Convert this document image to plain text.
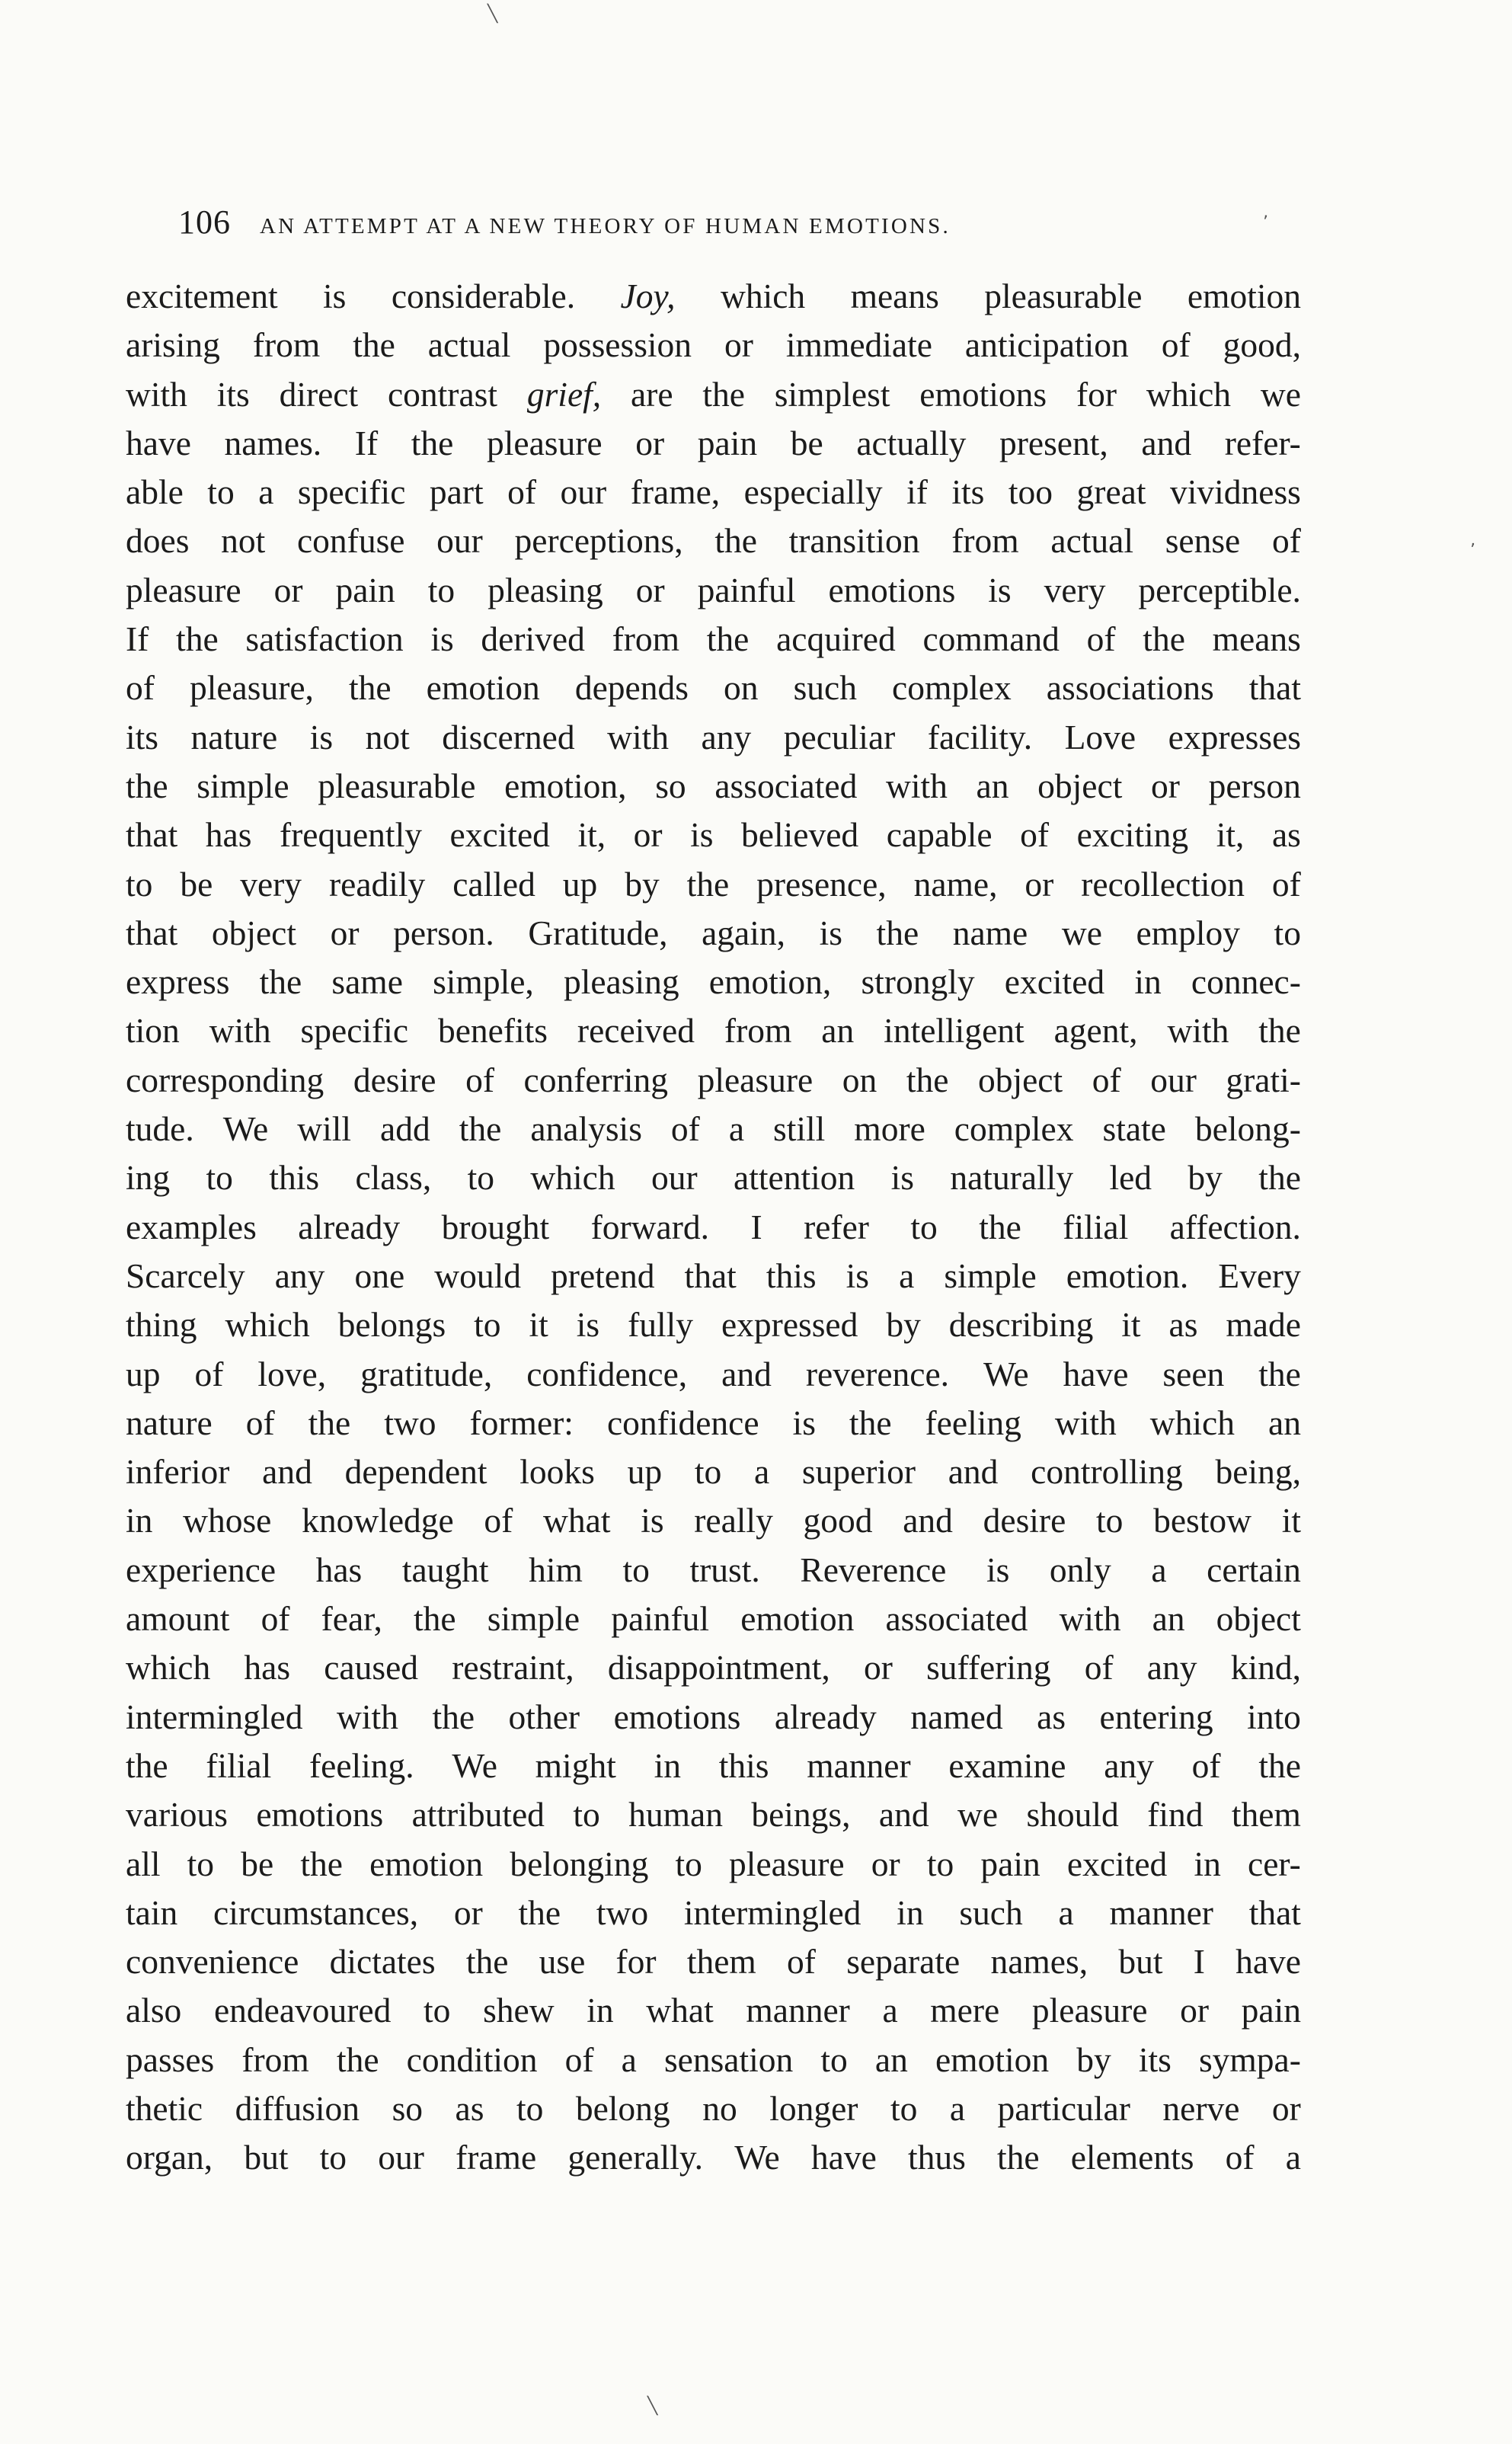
╲
’
ʼ
╲
106 AN ATTEMPT AT A NEW THEORY OF HUMAN EMOTIONS.
excitement is considerable. Joy, which means pleasurable emotion
arising from the actual possession or immediate anticipation of good,
with its direct contrast grief, are the simplest emotions for which we
have names. If the pleasure or pain be actually present, and refer-
able to a specific part of our frame, especially if its too great vividness
does not confuse our perceptions, the transition from actual sense of
pleasure or pain to pleasing or painful emotions is very perceptible.
If the satisfaction is derived from the acquired command of the means
of pleasure, the emotion depends on such complex associations that
its nature is not discerned with any peculiar facility. Love expresses
the simple pleasurable emotion, so associated with an object or person
that has frequently excited it, or is believed capable of exciting it, as
to be very readily called up by the presence, name, or recollection of
that object or person. Gratitude, again, is the name we employ to
express the same simple, pleasing emotion, strongly excited in connec-
tion with specific benefits received from an intelligent agent, with the
corresponding desire of conferring pleasure on the object of our grati-
tude. We will add the analysis of a still more complex state belong-
ing to this class, to which our attention is naturally led by the
examples already brought forward. I refer to the filial affection.
Scarcely any one would pretend that this is a simple emotion. Every
thing which belongs to it is fully expressed by describing it as made
up of love, gratitude, confidence, and reverence. We have seen the
nature of the two former: confidence is the feeling with which an
inferior and dependent looks up to a superior and controlling being,
in whose knowledge of what is really good and desire to bestow it
experience has taught him to trust. Reverence is only a certain
amount of fear, the simple painful emotion associated with an object
which has caused restraint, disappointment, or suffering of any kind,
intermingled with the other emotions already named as entering into
the filial feeling. We might in this manner examine any of the
various emotions attributed to human beings, and we should find them
all to be the emotion belonging to pleasure or to pain excited in cer-
tain circumstances, or the two intermingled in such a manner that
convenience dictates the use for them of separate names, but I have
also endeavoured to shew in what manner a mere pleasure or pain
passes from the condition of a sensation to an emotion by its sympa-
thetic diffusion so as to belong no longer to a particular nerve or
organ, but to our frame generally. We have thus the elements of a
